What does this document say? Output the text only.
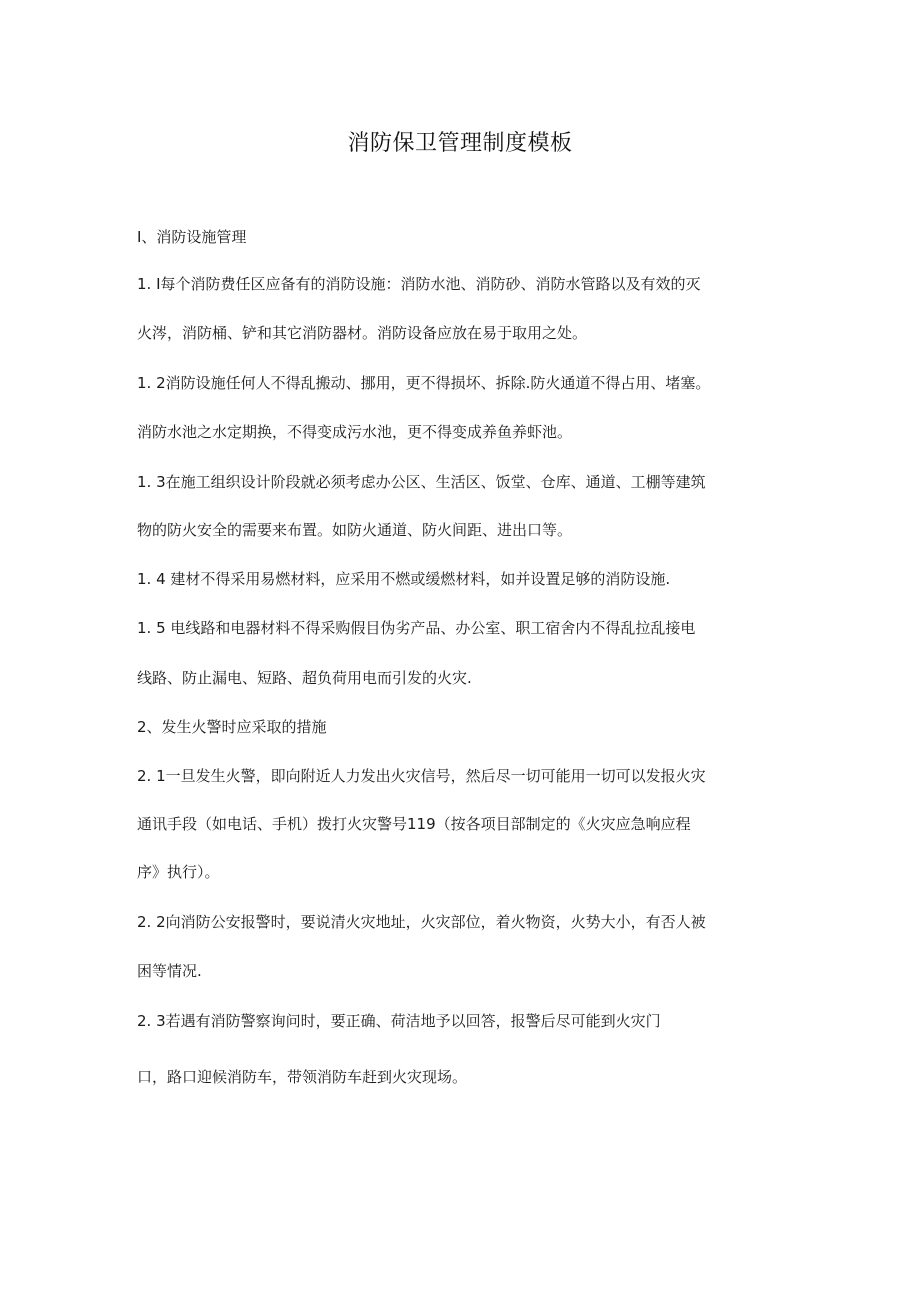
消防保卫管理制度模板
I、消防设施管理
1. I每个消防费任区应备有的消防设施：消防水池、消防砂、消防水管路以及有效的灭
火涔，消防桶、铲和其它消防器材。消防设备应放在易于取用之处。
1. 2消防设施任何人不得乱搬动、挪用，更不得损坏、拆除.防火通道不得占用、堵塞。
消防水池之水定期换，不得变成污水池，更不得变成养鱼养虾池。
1. 3在施工组织设计阶段就必须考虑办公区、生活区、饭堂、仓库、通道、工棚等建筑
物的防火安全的需要来布置。如防火通道、防火间距、进出口等。
1. 4 建材不得采用易燃材料，应采用不燃或缓燃材料，如并设置足够的消防设施.
1. 5 电线路和电器材料不得采购假目伪劣产品、办公室、职工宿舍内不得乱拉乱接电
线路、防止漏电、短路、超负荷用电而引发的火灾.
2、发生火警时应采取的措施
2. 1一旦发生火警，即向附近人力发出火灾信号，然后尽一切可能用一切可以发报火灾
通讯手段（如电话、手机）拨打火灾警号119（按各项目部制定的《火灾应急响应程
序》执行）。
2. 2向消防公安报警时，要说清火灾地址，火灾部位，着火物资，火势大小，有否人被
困等情况.
2. 3若遇有消防警察询问时，要正确、荷洁地予以回答，报警后尽可能到火灾门
口，路口迎候消防车，带领消防车赶到火灾现场。
